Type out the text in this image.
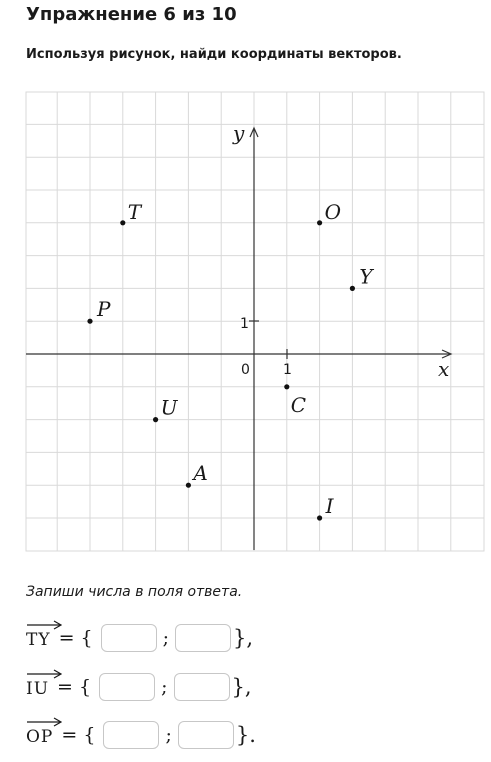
Упражнение 6 из 10
Используя рисунок, найди координаты векторов.
x
y
0 1
1
T	O
Y
P
C
U
A
I
Запиши числа в поля ответа.
TY = {	;	},
IU = {	;	},
OP = {	;	}.
